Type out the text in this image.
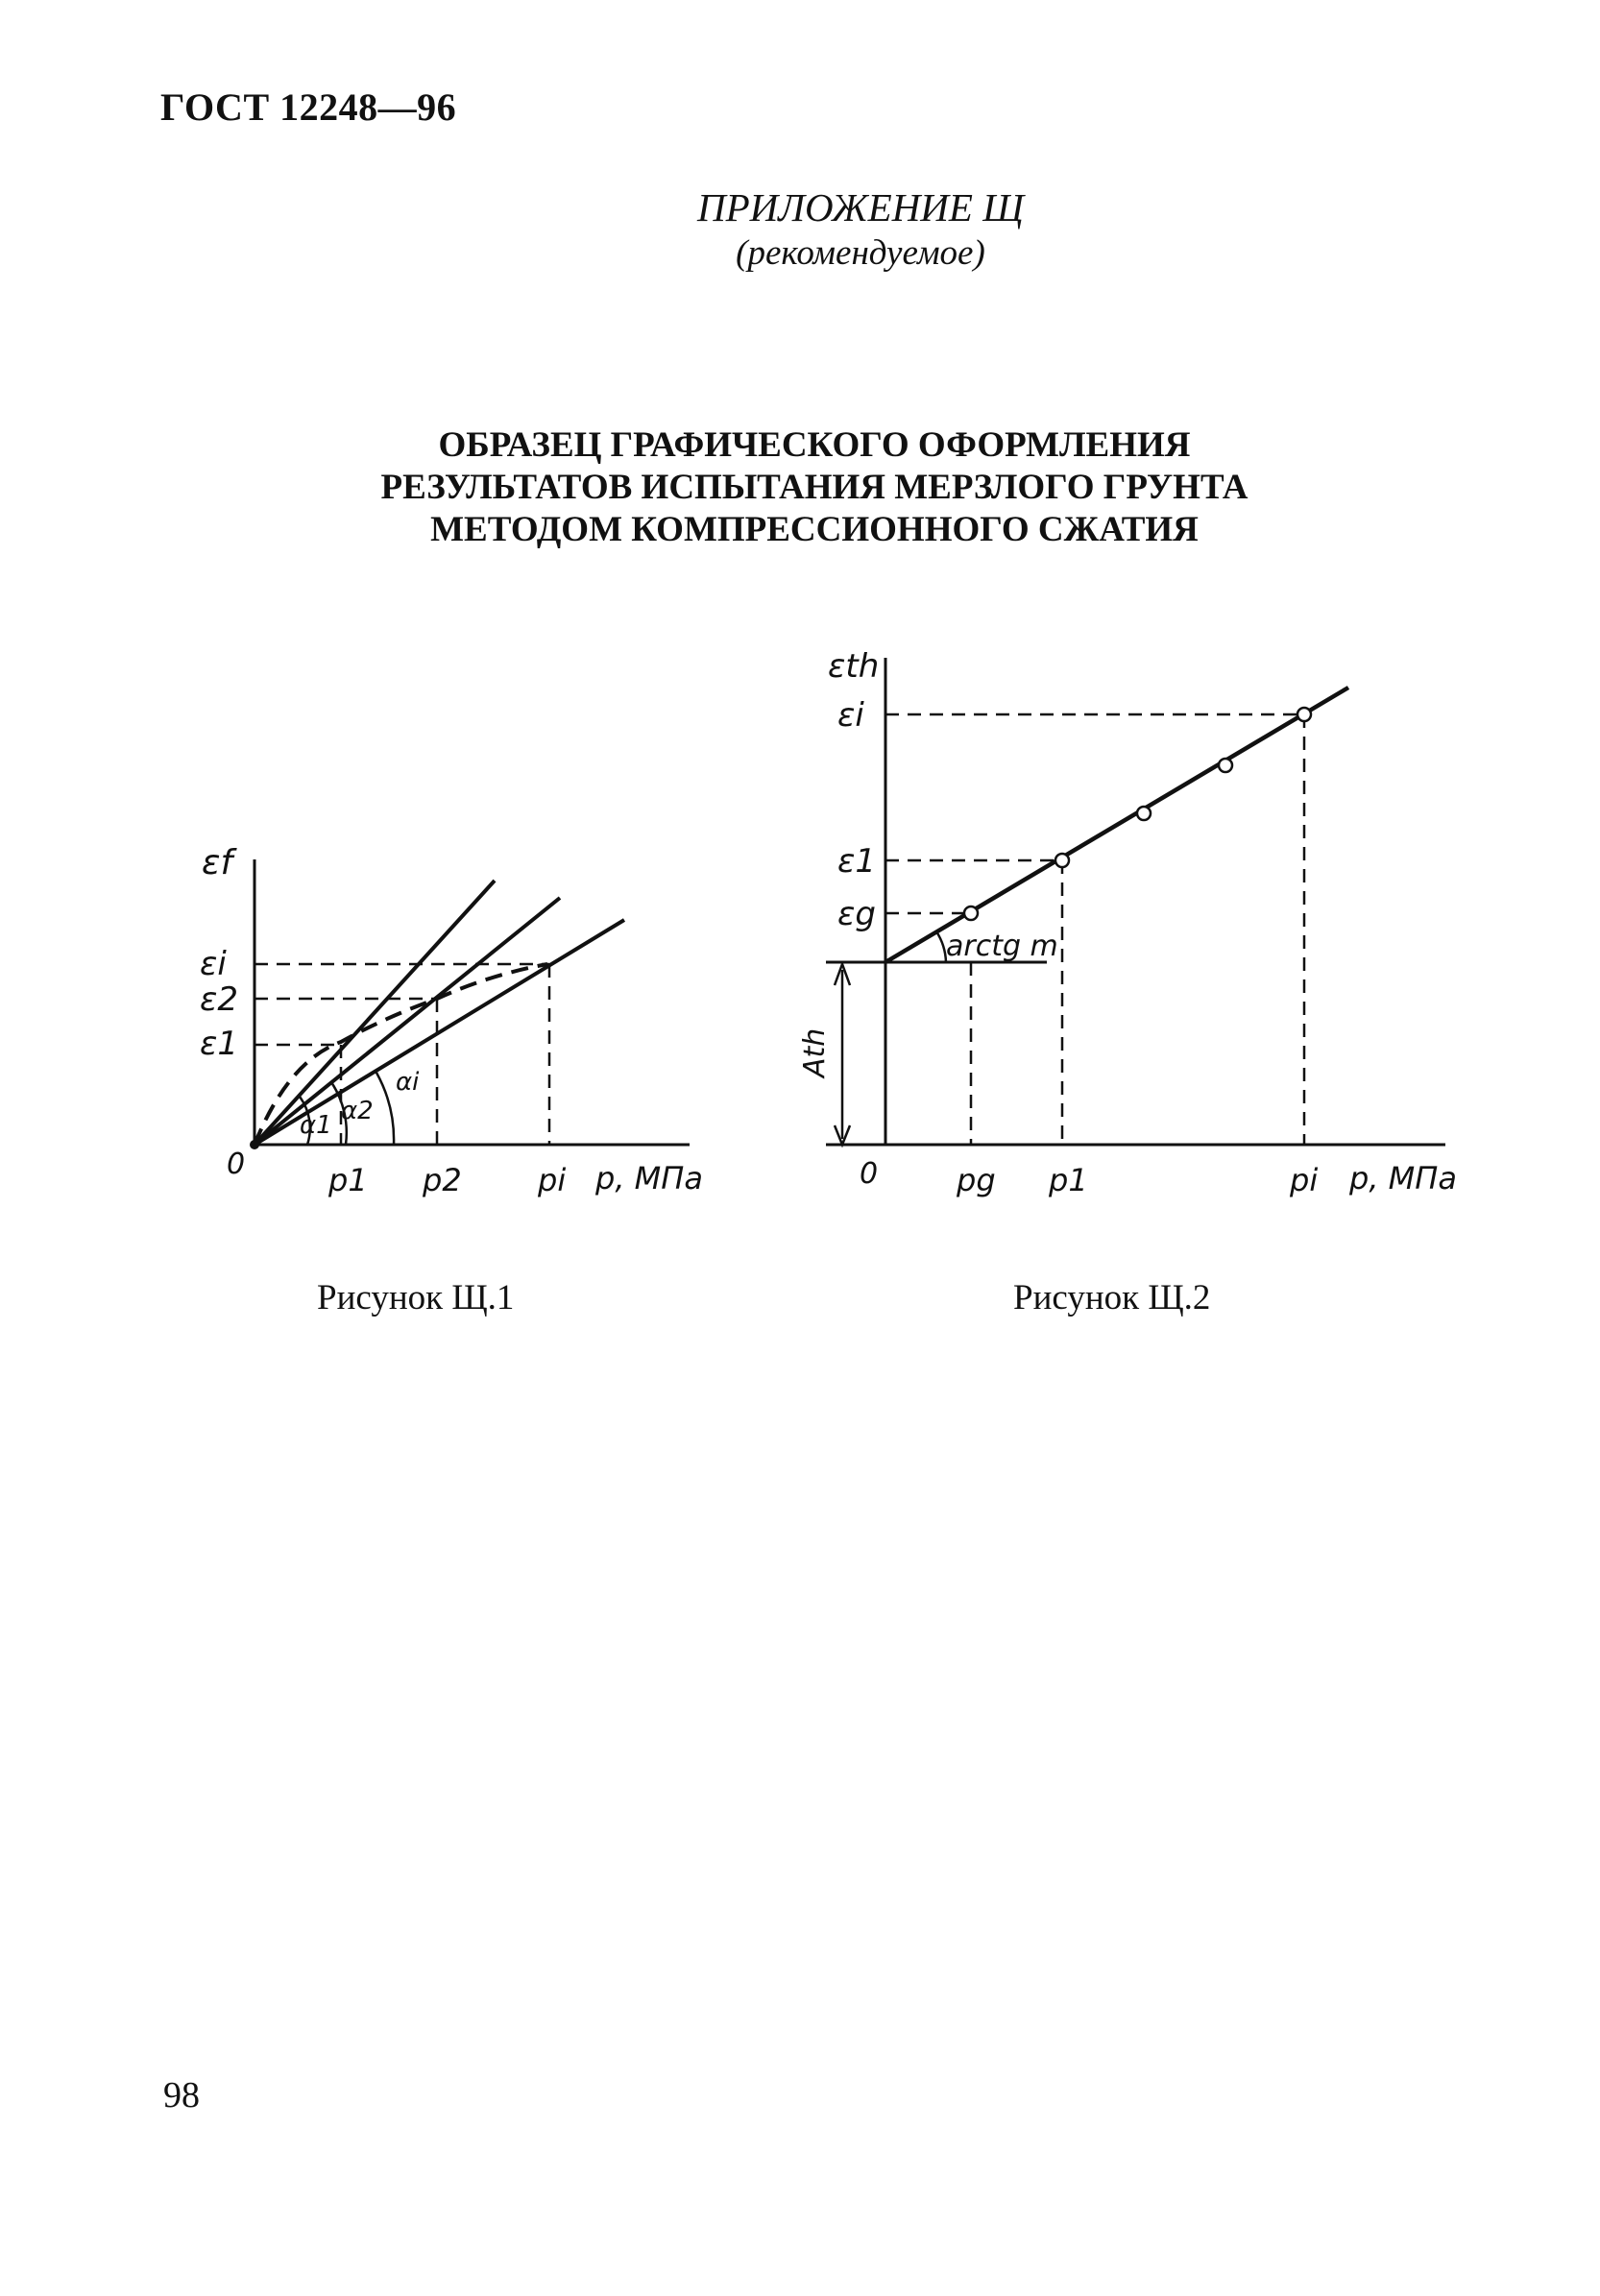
ГОСТ 12248—96
ПРИЛОЖЕНИЕ Щ
(рекомендуемое)
ОБРАЗЕЦ ГРАФИЧЕСКОГО ОФОРМЛЕНИЯ
РЕЗУЛЬТАТОВ ИСПЫТАНИЯ МЕРЗЛОГО ГРУНТА
МЕТОДОМ КОМПРЕССИОННОГО СЖАТИЯ
εf
εi
ε2
ε1
0	p1 p2 pi p, МПа
α1 α2
αi
εth
εi
ε1
εg
arctg m
Ath
0	pg p1	pi p, МПа
Рисунок Щ.1	Рисунок Щ.2
98
